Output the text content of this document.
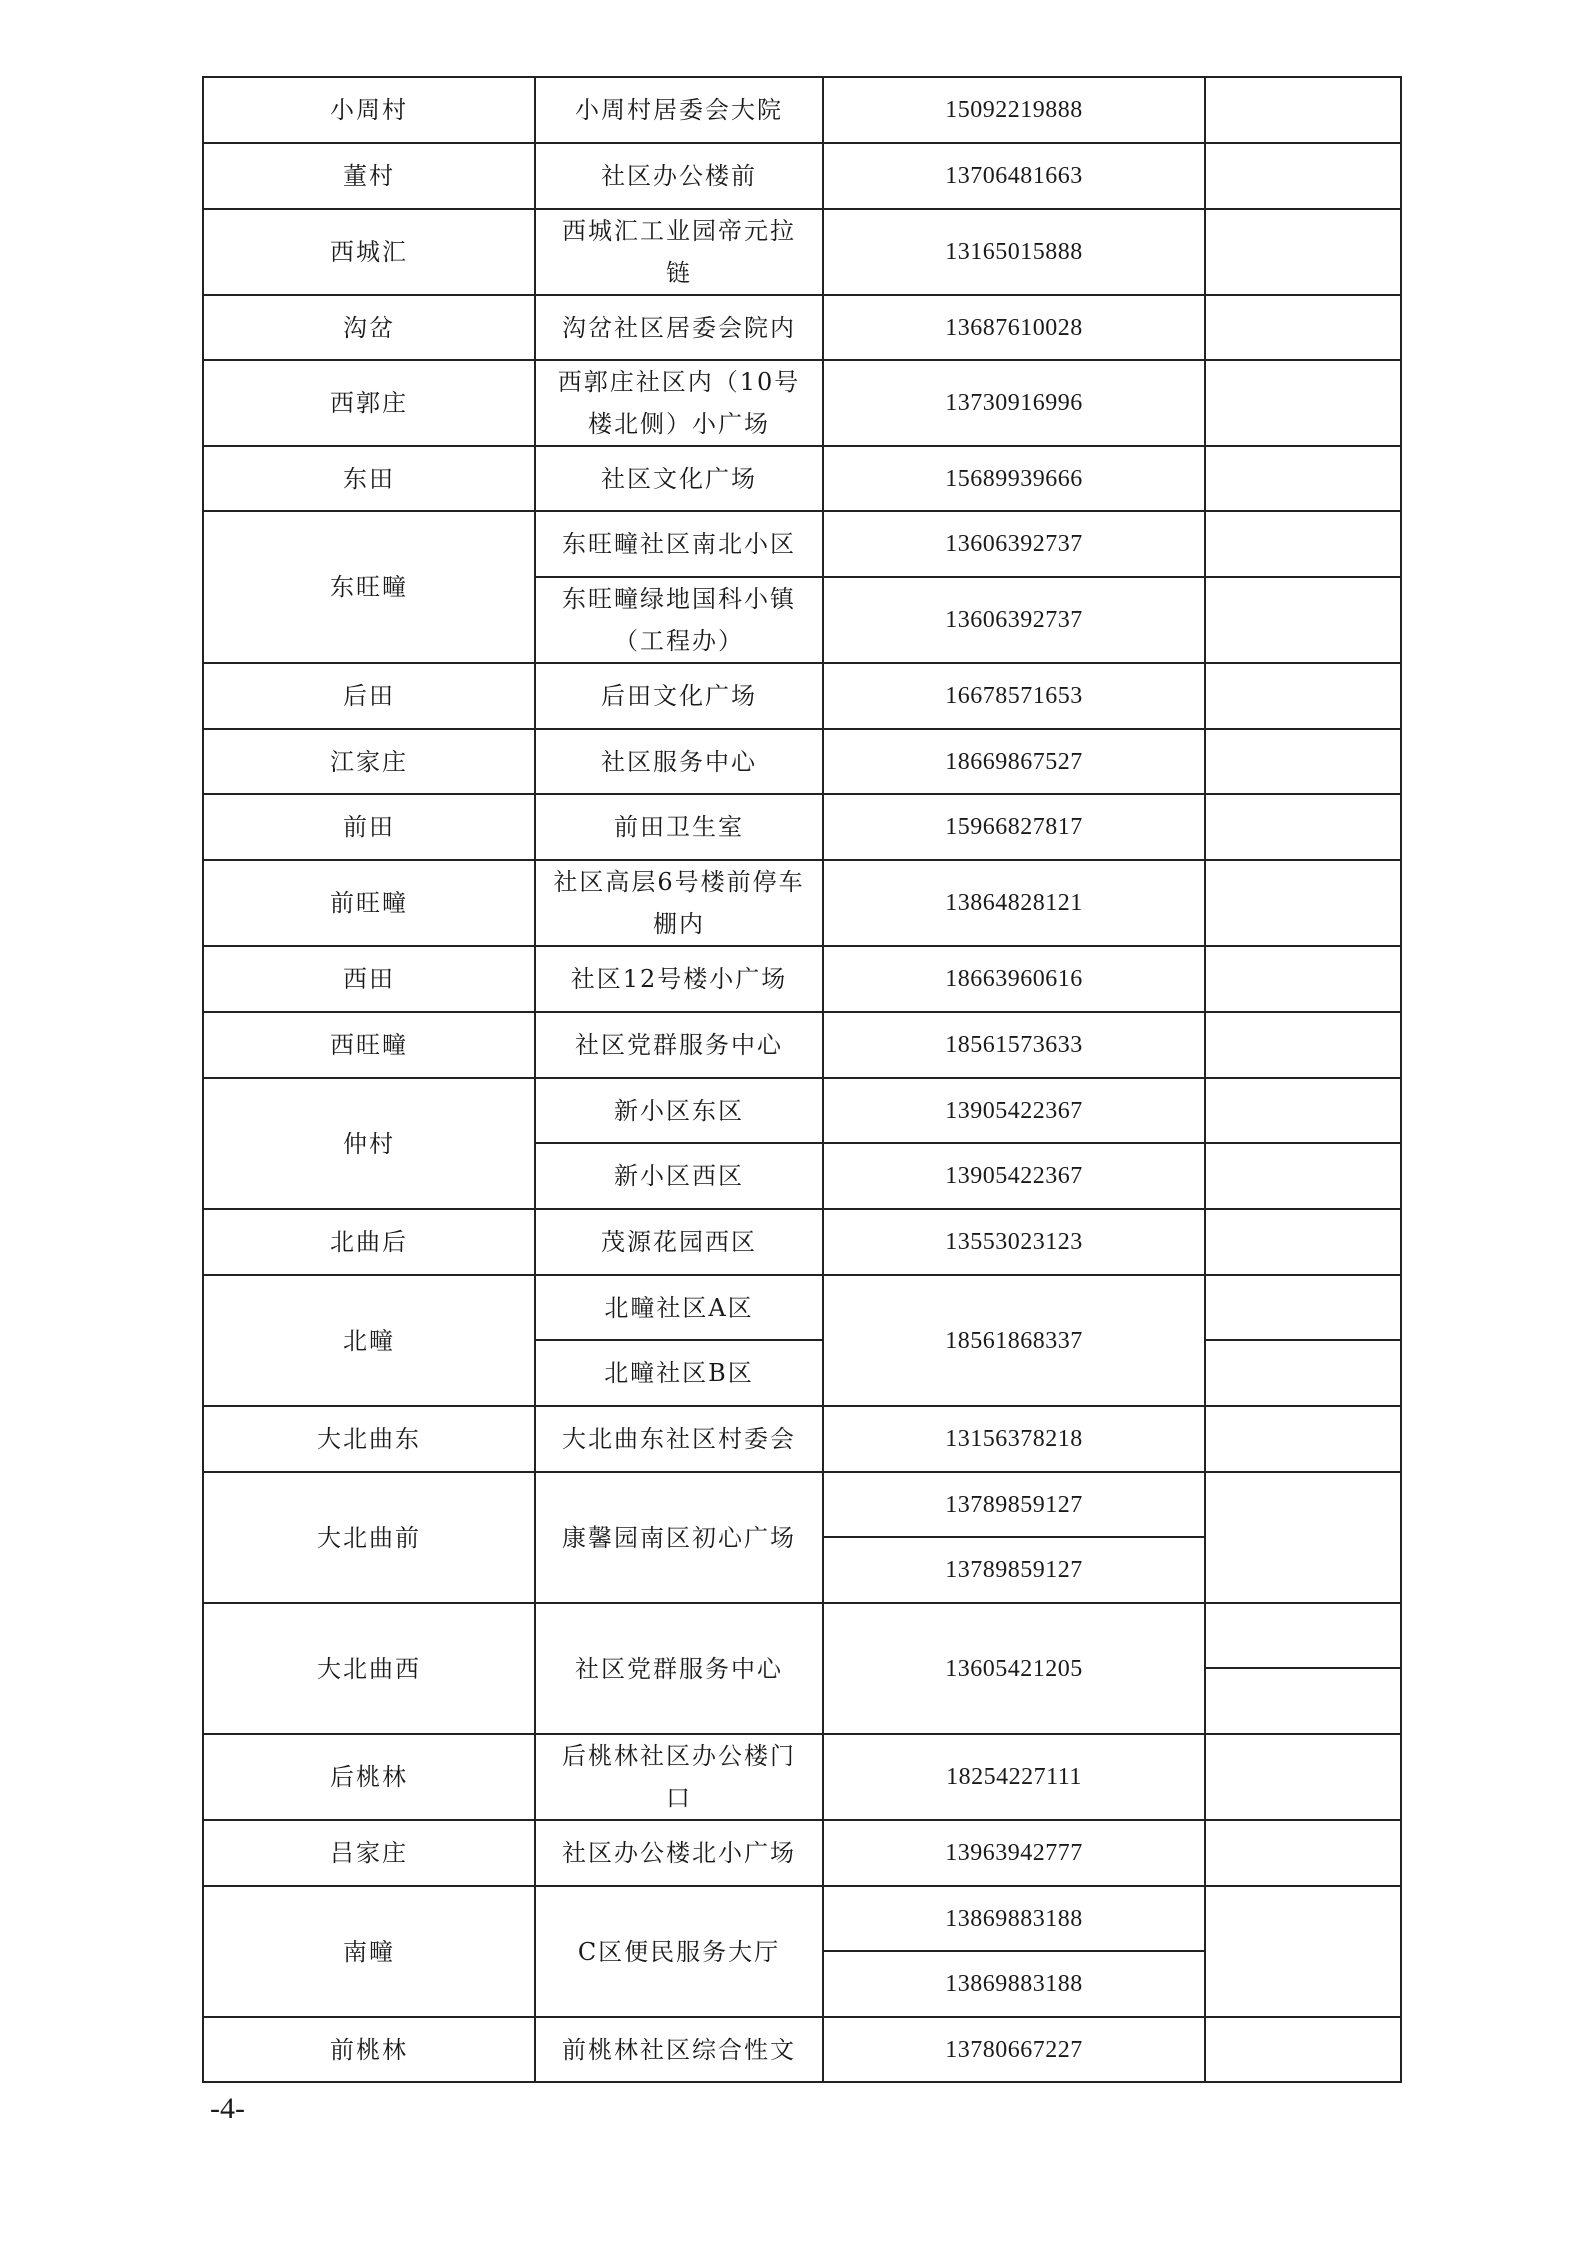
小周村	小周村居委会大院	15092219888	
董村	社区办公楼前	13706481663	
西城汇	西城汇工业园帝元拉链	13165015888	
沟岔	沟岔社区居委会院内	13687610028	
西郭庄	西郭庄社区内（10号楼北侧）小广场	13730916996	
东田	社区文化广场	15689939666	
东旺疃	东旺疃社区南北小区	13606392737	
	东旺疃绿地国科小镇（工程办）	13606392737	
后田	后田文化广场	16678571653	
江家庄	社区服务中心	18669867527	
前田	前田卫生室	15966827817	
前旺疃	社区高层6号楼前停车棚内	13864828121	
西田	社区12号楼小广场	18663960616	
西旺疃	社区党群服务中心	18561573633	
仲村	新小区东区	13905422367	
	新小区西区	13905422367	
北曲后	茂源花园西区	13553023123	
北疃	北疃社区A区	18561868337	
	北疃社区B区		
大北曲东	大北曲东社区村委会	13156378218	
大北曲前	康馨园南区初心广场	13789859127	
		13789859127	
大北曲西	社区党群服务中心	13605421205	

后桃林	后桃林社区办公楼门口	18254227111	
吕家庄	社区办公楼北小广场	13963942777	
南疃	C区便民服务大厅	13869883188	
		13869883188	
前桃林	前桃林社区综合性文	13780667227	
-4-
